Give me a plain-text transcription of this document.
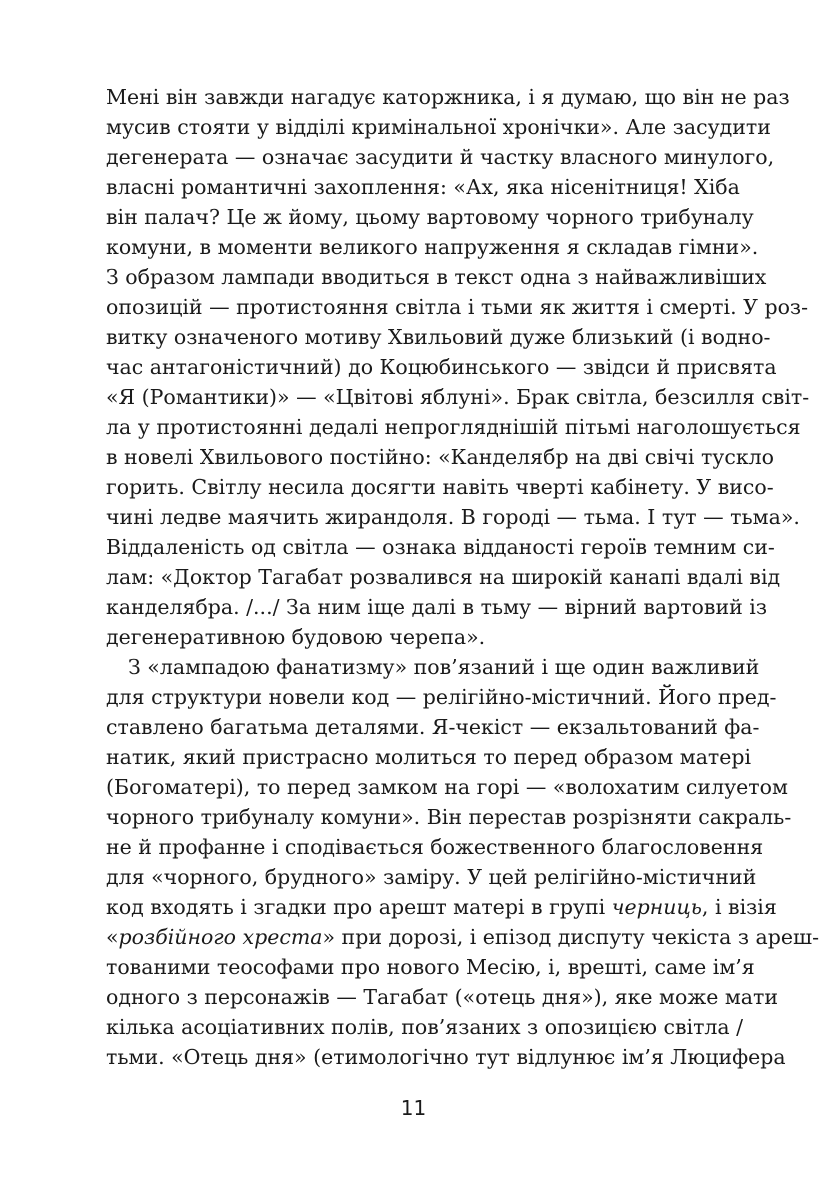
Мені він завжди нагадує каторжника, і я думаю, що він не раз
мусив стояти у відділі кримінальної хронічки». Але засудити
дегенерата — означає засудити й частку власного минулого,
власні романтичні захоплення: «Ах, яка нісенітниця! Хіба
він палач? Це ж йому, цьому вартовому чорного трибуналу
комуни, в моменти великого напруження я складав гімни».
З образом лампади вводиться в текст одна з найважливіших
опозицій — протистояння світла і тьми як життя і смерті. У роз-
витку означеного мотиву Хвильовий дуже близький (і водно-
час антагоністичний) до Коцюбинського — звідси й присвята
«Я (Романтики)» — «Цвітові яблуні». Брак світла, безсилля світ-
ла у протистоянні дедалі непрогляднішій пітьмі наголошується
в новелі Хвильового постійно: «Канделябр на дві свічі тускло
горить. Світлу несила досягти навіть чверті кабінету. У висо-
чині ледве маячить жирандоля. В городі — тьма. І тут — тьма».
Віддаленість од світла — ознака відданості героїв темним си-
лам: «Доктор Тагабат розвалився на широкій канапі вдалі від
канделябра. /.../ За ним іще далі в тьму — вірний вартовий із
дегенеративною будовою черепа».
З «лампадою фанатизму» пов’язаний і ще один важливий
для структури новели код — релігійно-містичний. Його пред-
ставлено багатьма деталями. Я-чекіст — екзальтований фа-
натик, який пристрасно молиться то перед образом матері
(Богоматері), то перед замком на горі — «волохатим силуетом
чорного трибуналу комуни». Він перестав розрізняти сакраль-
не й профанне і сподівається божественного благословення
для «чорного, брудного» заміру. У цей релігійно-містичний
код входять і згадки про арешт матері в групі черниць, і візія
«розбійного хреста» при дорозі, і епізод диспуту чекіста з ареш-
тованими теософами про нового Месію, і, врешті, саме ім’я
одного з персонажів — Тагабат («отець дня»), яке може мати
кілька асоціативних полів, пов’язаних з опозицією світла /
тьми. «Отець дня» (етимологічно тут відлунює ім’я Люцифера
11
